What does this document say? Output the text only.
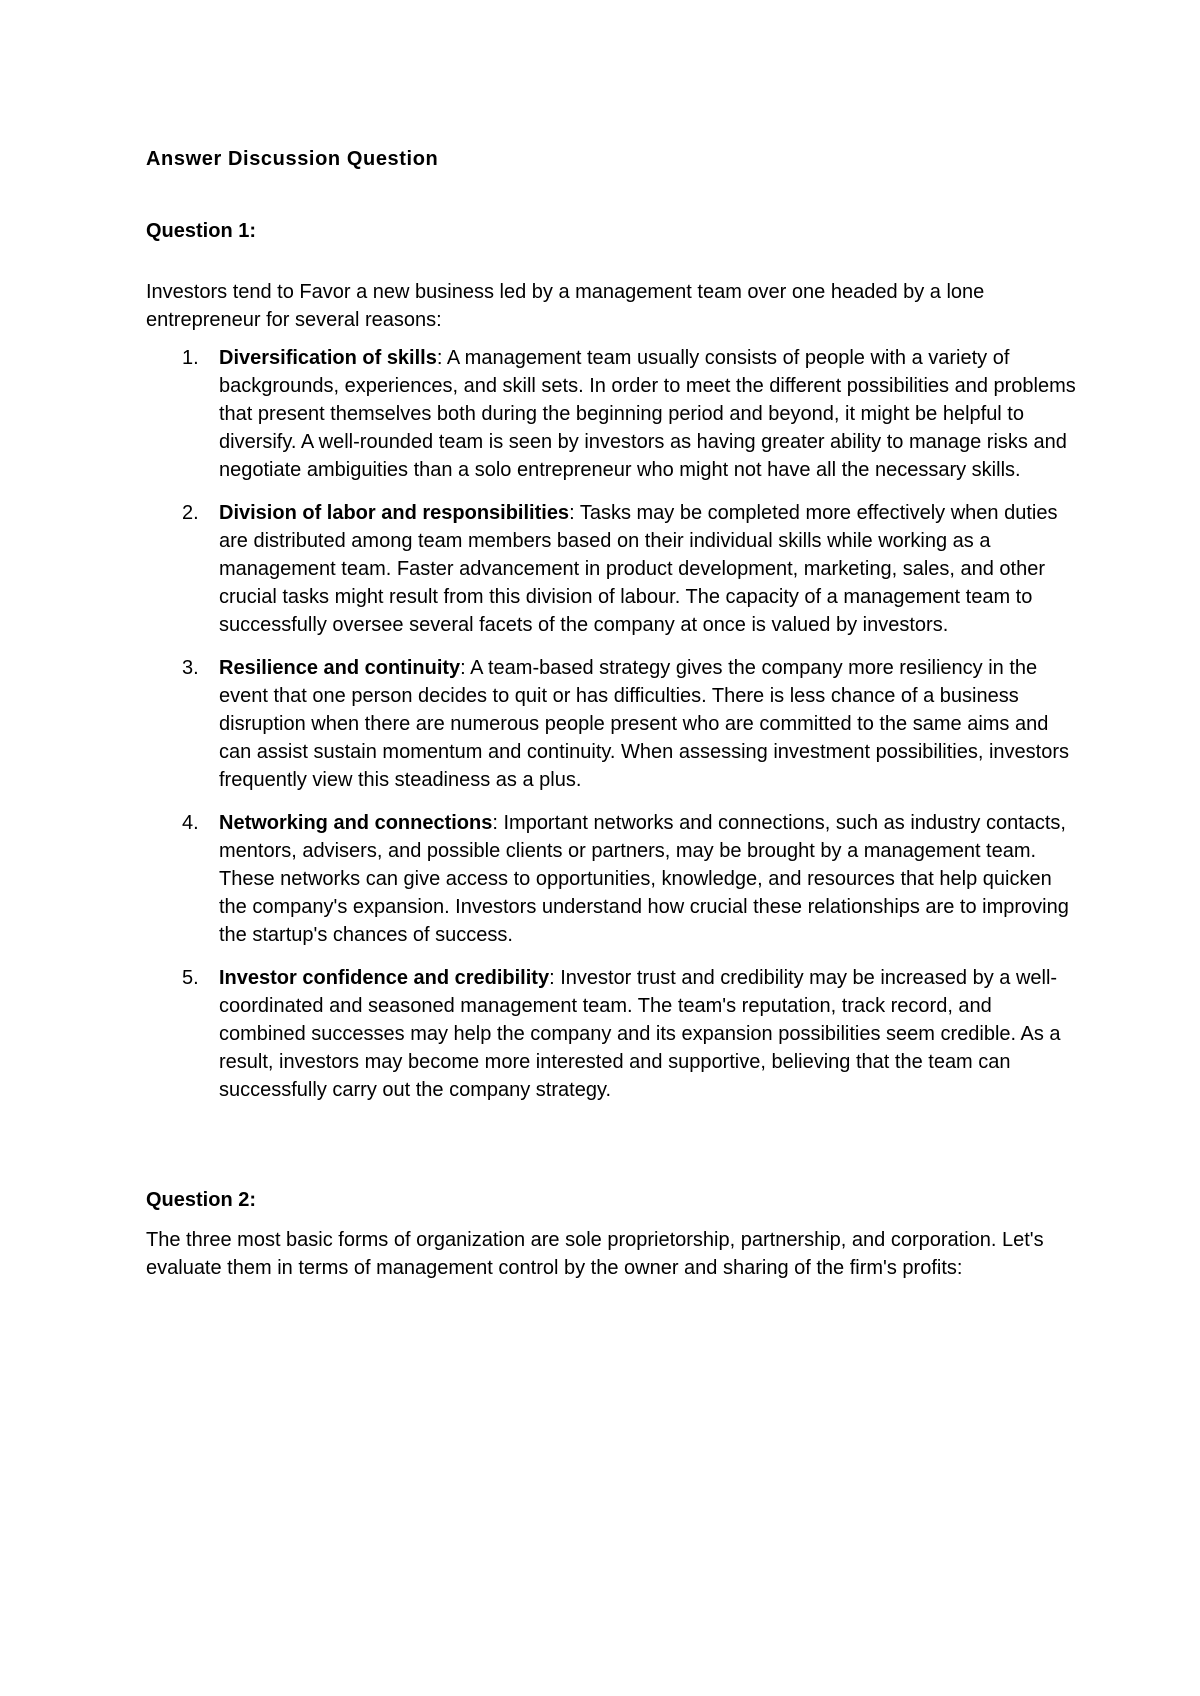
Answer Discussion Question

Question 1:

Investors tend to Favor a new business led by a management team over one headed by a lone entrepreneur for several reasons:

1. Diversification of skills: A management team usually consists of people with a variety of backgrounds, experiences, and skill sets. In order to meet the different possibilities and problems that present themselves both during the beginning period and beyond, it might be helpful to diversify. A well-rounded team is seen by investors as having greater ability to manage risks and negotiate ambiguities than a solo entrepreneur who might not have all the necessary skills.
2. Division of labor and responsibilities: Tasks may be completed more effectively when duties are distributed among team members based on their individual skills while working as a management team. Faster advancement in product development, marketing, sales, and other crucial tasks might result from this division of labour. The capacity of a management team to successfully oversee several facets of the company at once is valued by investors.
3. Resilience and continuity: A team-based strategy gives the company more resiliency in the event that one person decides to quit or has difficulties. There is less chance of a business disruption when there are numerous people present who are committed to the same aims and can assist sustain momentum and continuity. When assessing investment possibilities, investors frequently view this steadiness as a plus.
4. Networking and connections: Important networks and connections, such as industry contacts, mentors, advisers, and possible clients or partners, may be brought by a management team. These networks can give access to opportunities, knowledge, and resources that help quicken the company's expansion. Investors understand how crucial these relationships are to improving the startup's chances of success.
5. Investor confidence and credibility: Investor trust and credibility may be increased by a well-coordinated and seasoned management team. The team's reputation, track record, and combined successes may help the company and its expansion possibilities seem credible. As a result, investors may become more interested and supportive, believing that the team can successfully carry out the company strategy.

Question 2:

The three most basic forms of organization are sole proprietorship, partnership, and corporation. Let's evaluate them in terms of management control by the owner and sharing of the firm's profits:
